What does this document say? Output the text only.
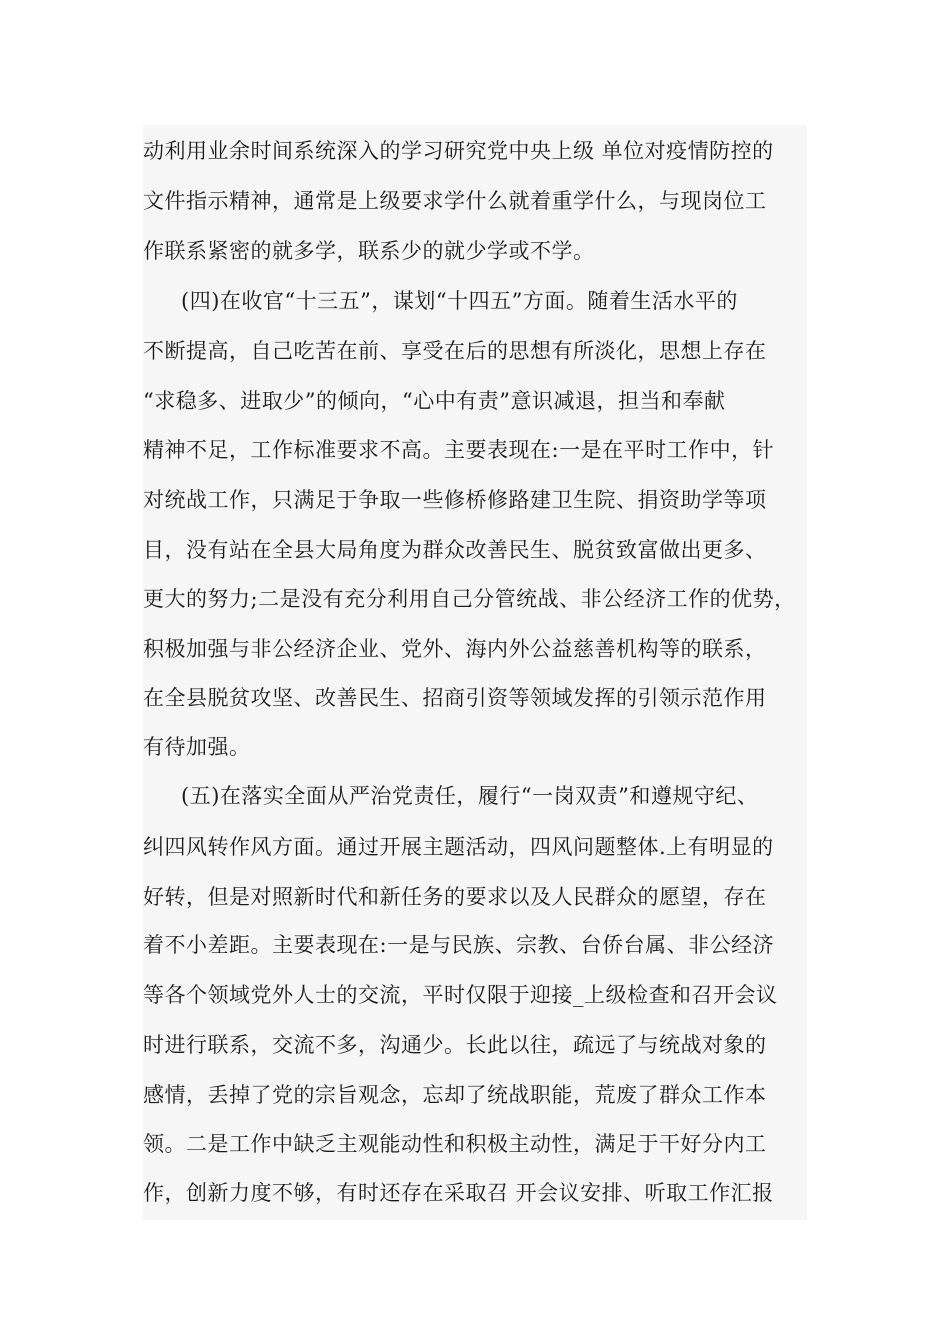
动利用业余时间系统深入的学习研究党中央上级 单位对疫情防控的
文件指示精神，通常是上级要求学什么就着重学什么，与现岗位工
作联系紧密的就多学，联系少的就少学或不学。
(四)在收官“十三五”，谋划“十四五”方面。随着生活水平的
不断提高，自己吃苦在前、享受在后的思想有所淡化，思想上存在
“求稳多、进取少”的倾向，“心中有责”意识减退，担当和奉献
精神不足，工作标准要求不高。主要表现在:一是在平时工作中，针
对统战工作，只满足于争取一些修桥修路建卫生院、捐资助学等项
目，没有站在全县大局角度为群众改善民生、脱贫致富做出更多、
更大的努力;二是没有充分利用自己分管统战、非公经济工作的优势，
积极加强与非公经济企业、党外、海内外公益慈善机构等的联系，
在全县脱贫攻坚、改善民生、招商引资等领域发挥的引领示范作用
有待加强。
(五)在落实全面从严治党责任，履行“一岗双责”和遵规守纪、
纠四风转作风方面。通过开展主题活动，四风问题整体.上有明显的
好转，但是对照新时代和新任务的要求以及人民群众的愿望，存在
着不小差距。主要表现在:一是与民族、宗教、台侨台属、非公经济
等各个领域党外人士的交流，平时仅限于迎接_上级检查和召开会议
时进行联系，交流不多，沟通少。长此以往，疏远了与统战对象的
感情，丢掉了党的宗旨观念，忘却了统战职能，荒废了群众工作本
领。二是工作中缺乏主观能动性和积极主动性，满足于干好分内工
作，创新力度不够，有时还存在采取召 开会议安排、听取工作汇报
